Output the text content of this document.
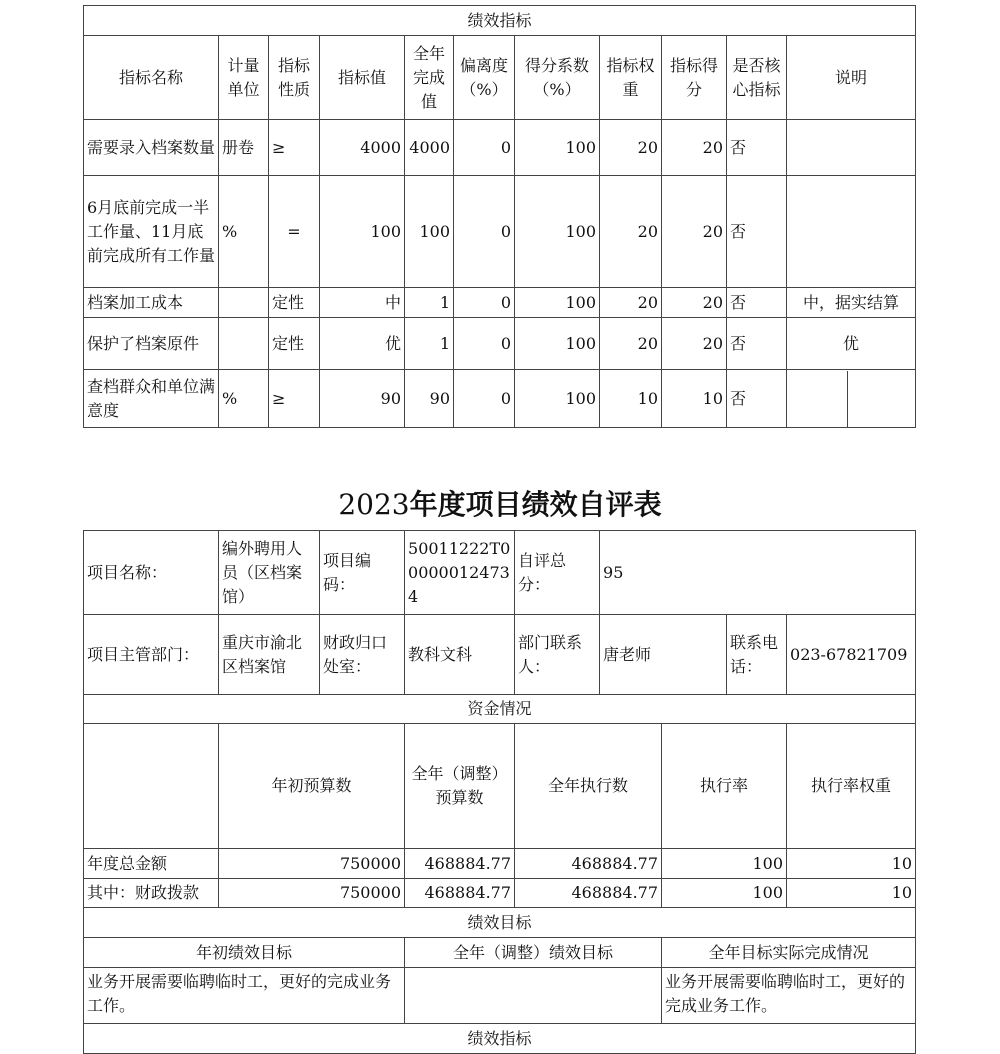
绩效指标										
指标名称	计量单位	指标性质	指标值	全年完成值	偏离度（%）	得分系数（%）	指标权重	指标得分	是否核心指标	说明
需要录入档案数量	册卷	≥	4000	4000	0	100	20	20	否	
6月底前完成一半工作量、11月底前完成所有工作量	%	=	100	100	0	100	20	20	否	
档案加工成本		定性	中	1	0	100	20	20	否	中，据实结算
保护了档案原件		定性	优	1	0	100	20	20	否	优
查档群众和单位满意度	%	≥	90	90	0	100	10	10	否	
2023年度项目绩效自评表
项目名称：	编外聘用人员（区档案馆）	项目编码：	50011222T000000124734	自评总分：	95				
项目主管部门：	重庆市渝北区档案馆	财政归口处室：	教科文科	部门联系人：	唐老师		联系电话：	023-67821709	
资金情况									
	年初预算数		全年（调整）预算数	全年执行数		执行率		执行率权重	
年度总金额	750000		468884.77	468884.77		100		10	
其中：财政拨款	750000		468884.77	468884.77		100		10	
绩效目标									
年初绩效目标			全年（调整）绩效目标			全年目标实际完成情况			
业务开展需要临聘临时工，更好的完成业务工作。						业务开展需要临聘临时工，更好的完成业务工作。			
绩效指标									
